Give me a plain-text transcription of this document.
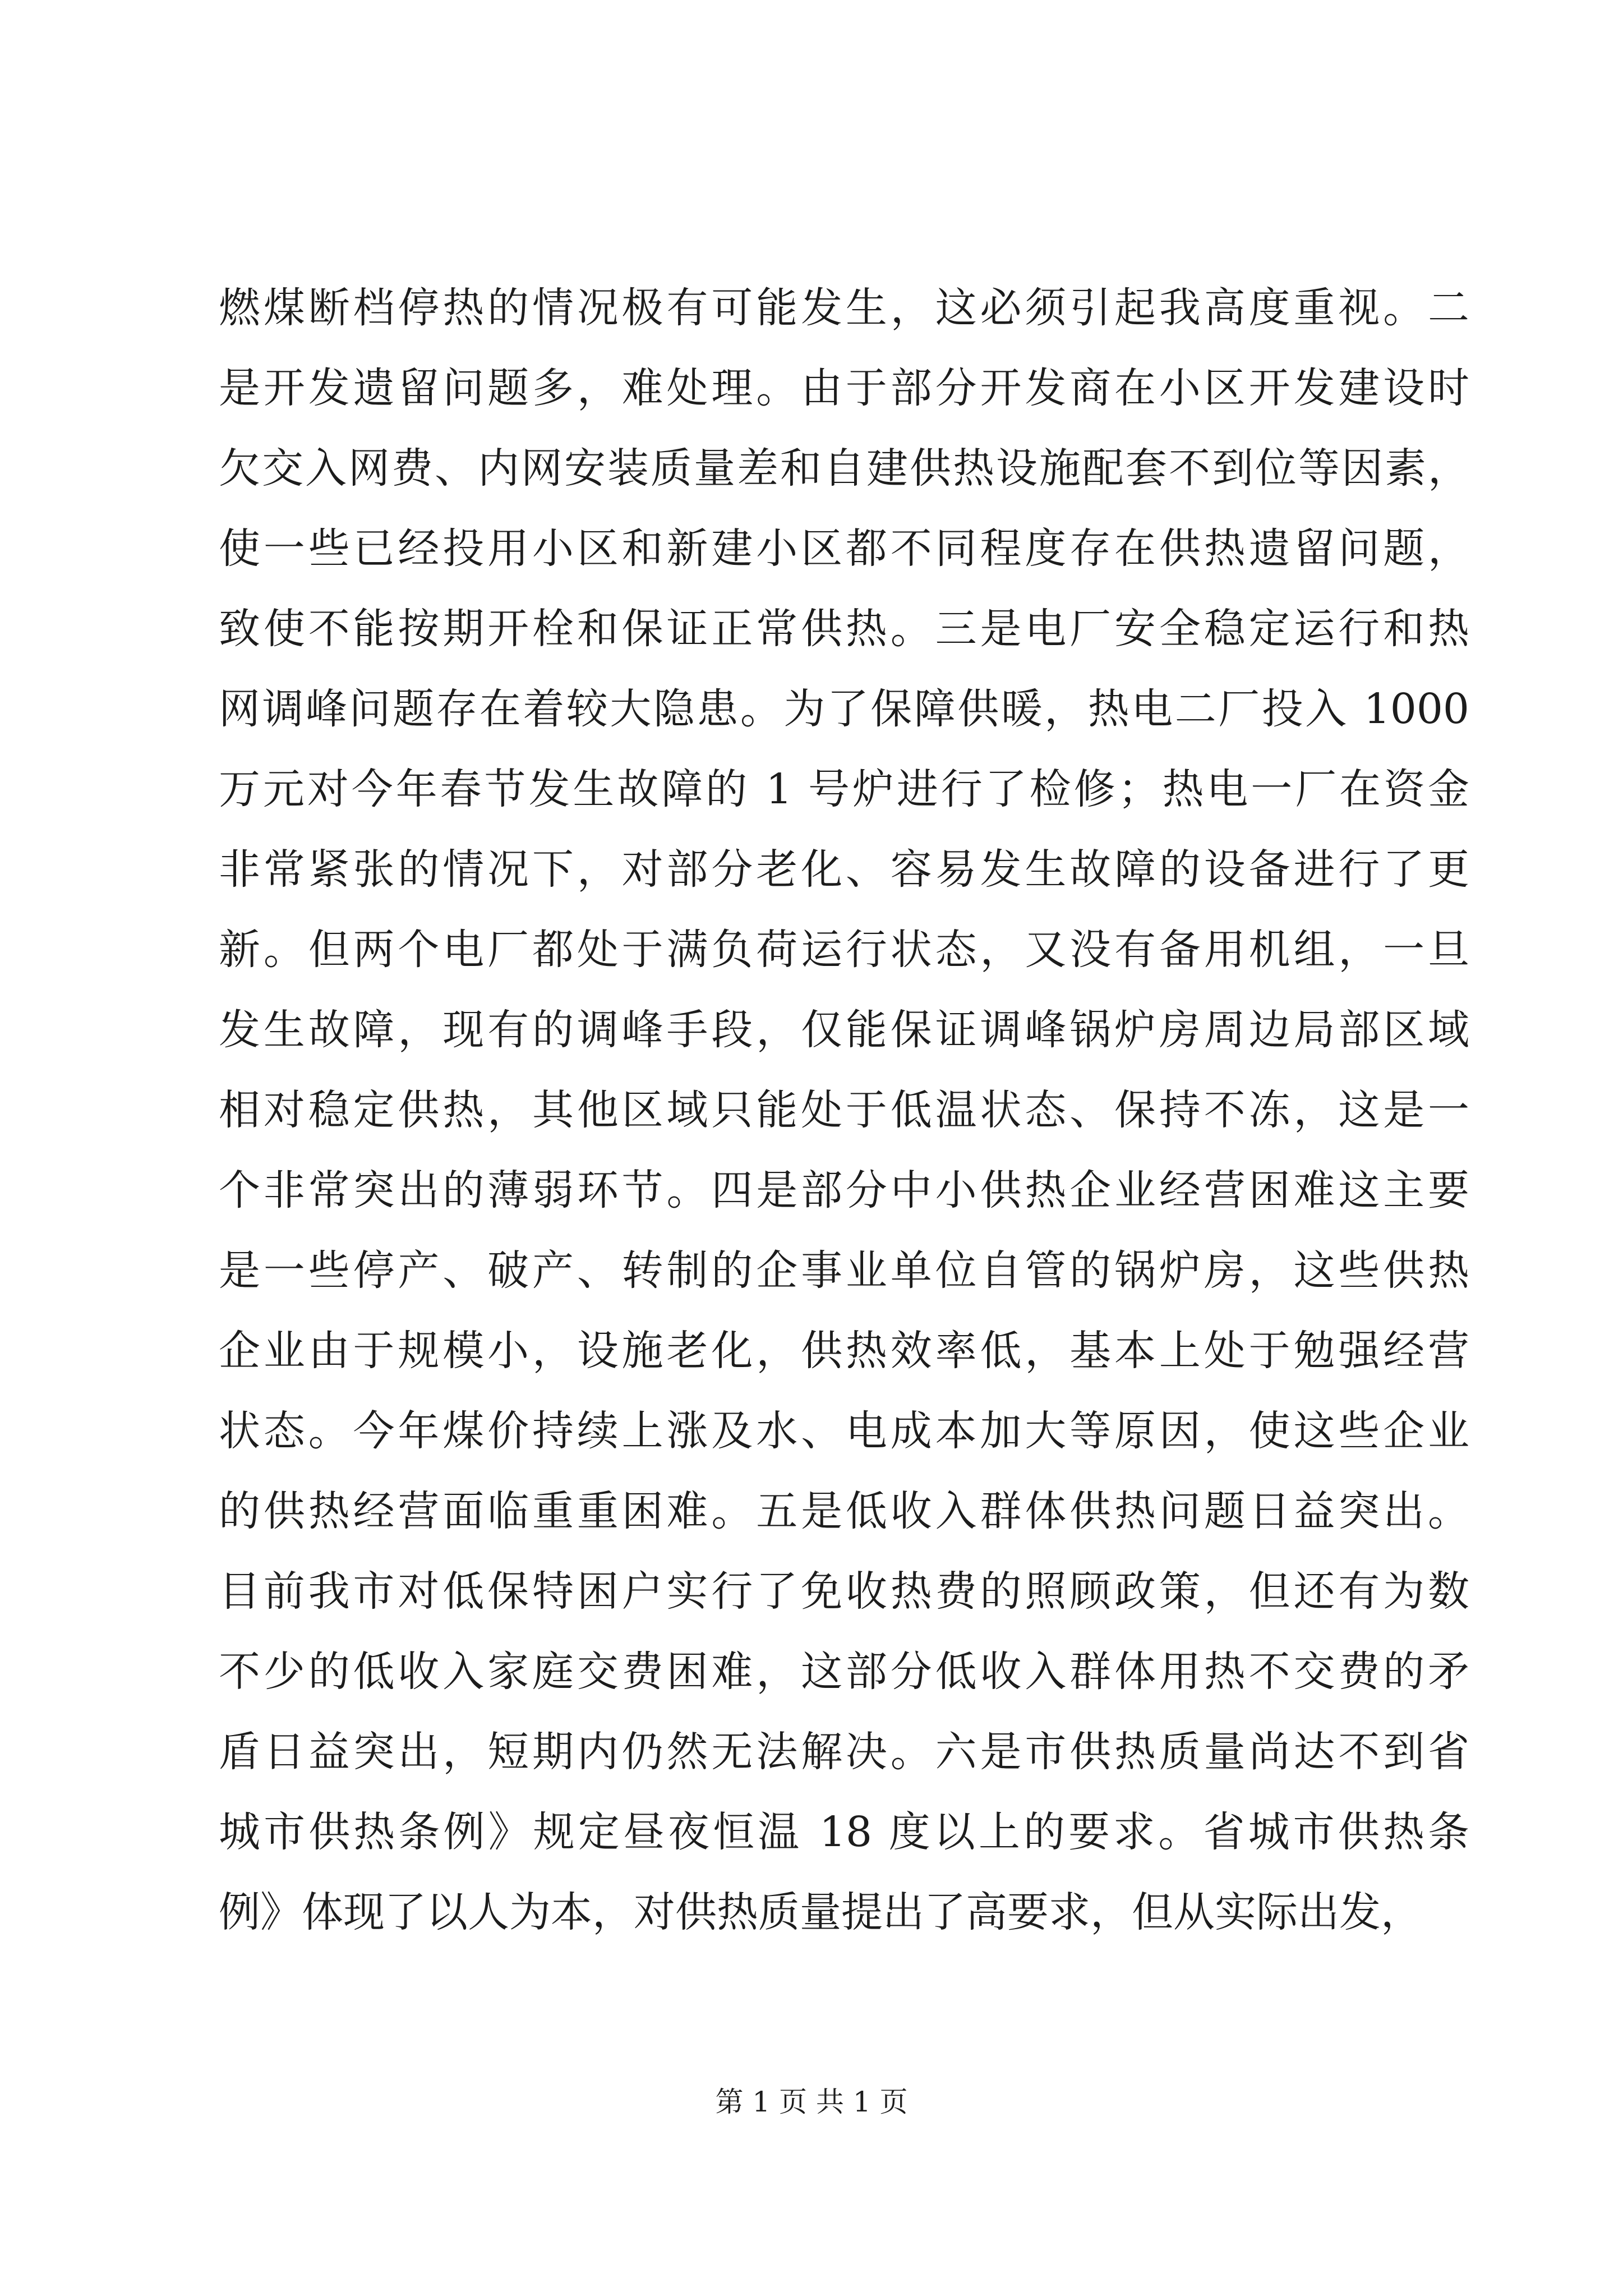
燃煤断档停热的情况极有可能发生，这必须引起我高度重视。二
是开发遗留问题多，难处理。由于部分开发商在小区开发建设时
欠交入网费、内网安装质量差和自建供热设施配套不到位等因素，
使一些已经投用小区和新建小区都不同程度存在供热遗留问题，
致使不能按期开栓和保证正常供热。三是电厂安全稳定运行和热
网调峰问题存在着较大隐患。为了保障供暖，热电二厂投入 1000
万元对今年春节发生故障的 1 号炉进行了检修；热电一厂在资金
非常紧张的情况下，对部分老化、容易发生故障的设备进行了更
新。但两个电厂都处于满负荷运行状态，又没有备用机组，一旦
发生故障，现有的调峰手段，仅能保证调峰锅炉房周边局部区域
相对稳定供热，其他区域只能处于低温状态、保持不冻，这是一
个非常突出的薄弱环节。四是部分中小供热企业经营困难这主要
是一些停产、破产、转制的企事业单位自管的锅炉房，这些供热
企业由于规模小，设施老化，供热效率低，基本上处于勉强经营
状态。今年煤价持续上涨及水、电成本加大等原因，使这些企业
的供热经营面临重重困难。五是低收入群体供热问题日益突出。
目前我市对低保特困户实行了免收热费的照顾政策，但还有为数
不少的低收入家庭交费困难，这部分低收入群体用热不交费的矛
盾日益突出，短期内仍然无法解决。六是市供热质量尚达不到省
城市供热条例》规定昼夜恒温 18 度以上的要求。省城市供热条
例》体现了以人为本，对供热质量提出了高要求，但从实际出发，
第 1 页 共 1 页
